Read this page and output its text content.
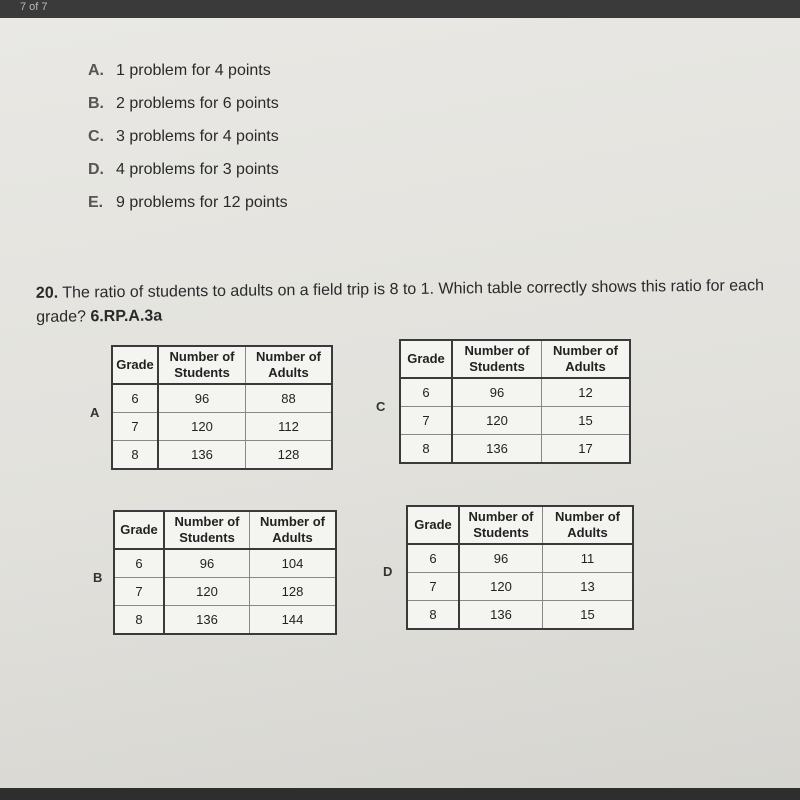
7 of 7
A. 1 problem for 4 points
B. 2 problems for 6 points
C. 3 problems for 4 points
D. 4 problems for 3 points
E. 9 problems for 12 points
20. The ratio of students to adults on a field trip is 8 to 1. Which table correctly shows this ratio for each grade? 6.RP.A.3a
A
Grade	Number of Students	Number of Adults
6	96	88
7	120	112
8	136	128
C
Grade	Number of Students	Number of Adults
6	96	12
7	120	15
8	136	17
B
Grade	Number of Students	Number of Adults
6	96	104
7	120	128
8	136	144
D
Grade	Number of Students	Number of Adults
6	96	11
7	120	13
8	136	15
